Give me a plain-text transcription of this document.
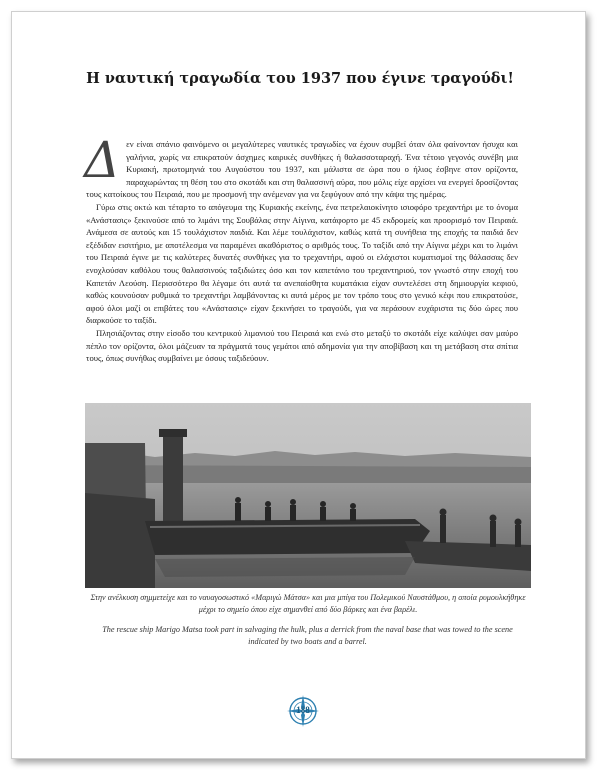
Η ναυτική τραγωδία του 1937 που έγινε τραγούδι!

Δεν είναι σπάνιο φαινόμενο οι μεγαλύτερες ναυτικές τραγωδίες να έχουν συμβεί όταν όλα φαίνονταν ήσυχα και γαλήνια, χωρίς να επικρατούν άσχημες καιρικές συνθήκες ή θαλασσοταραχή. Ένα τέτοιο γεγονός συνέβη μια Κυριακή, πρωτομηνιά του Αυγούστου του 1937, και μάλιστα σε ώρα που ο ήλιος έσβηνε στον ορίζοντα, παραχωρώντας τη θέση του στο σκοτάδι και στη θαλασσινή αύρα, που μόλις είχε αρχίσει να ενεργεί δροσίζοντας τους κατοίκους του Πειραιά, που με προσμονή την ανέμεναν για να ξεφύγουν από την κάψα της ημέρας.

Γύρω στις οκτώ και τέταρτο το απόγευμα της Κυριακής εκείνης, ένα πετρελαιοκίνητο ισιοφόρο τρεχαντήρι με το όνομα «Ανάστασις» ξεκινούσε από το λιμάνι της Σουβάλας στην Αίγινα, κατάφορτο με 45 εκδρομείς και προορισμό τον Πειραιά. Ανάμεσα σε αυτούς και 15 τουλάχιστον παιδιά. Και λέμε τουλάχιστον, καθώς κατά τη συνήθεια της εποχής τα παιδιά δεν εξέδιδαν εισιτήριο, με αποτέλεσμα να παραμένει ακαθόριστος ο αριθμός τους. Το ταξίδι από την Αίγινα μέχρι και το λιμάνι του Πειραιά έγινε με τις καλύτερες δυνατές συνθήκες για το τρεχαντήρι, αφού οι ελάχιστοι κυματισμοί της θάλασσας δεν ενοχλούσαν καθόλου τους θαλασσινούς ταξιδιώτες όσο και τον καπετάνιο του τρεχαντηριού, τον γνωστό στην εποχή του Καπετάν Λεούση. Περισσότερο θα λέγαμε ότι αυτά τα ανεπαίσθητα κυματάκια είχαν συντελέσει στη δημιουργία κεφιού, καθώς κουνούσαν ρυθμικά το τρεχαντήρι λαμβάνοντας κι αυτά μέρος με τον τρόπο τους στο γενικό κέφι που επικρατούσε, αφού όλοι μαζί οι επιβάτες του «Ανάστασις» είχαν ξεκινήσει το τραγούδι, για να περάσουν ευχάριστα τις δύο ώρες που διαρκούσε το ταξίδι.

Πλησιάζοντας στην είσοδο του κεντρικού λιμανιού του Πειραιά και ενώ στο μεταξύ το σκοτάδι είχε καλύψει σαν μαύρο πέπλο τον ορίζοντα, όλοι μάζευαν τα πράγματά τους γεμάτοι από αδημονία για την αποβίβαση και τη μετάβαση στα σπίτια τους, όπως συνήθως συμβαίνει με όσους ταξιδεύουν.

Στην ανέλκυση σημμετείχε και το ναυαγοσωστικό «Μαριγώ Μάτσα» και μια μπίγα του Πολεμικού Ναυστάθμου, η οποία ρυμουλκήθηκε μέχρι το σημείο όπου είχε σημανθεί από δύο βάρκες και ένα βαρέλι.
The rescue ship Marigo Matsa took part in salvaging the hulk, plus a derrick from the naval base that was towed to the scene indicated by two boats and a barrel.
188
